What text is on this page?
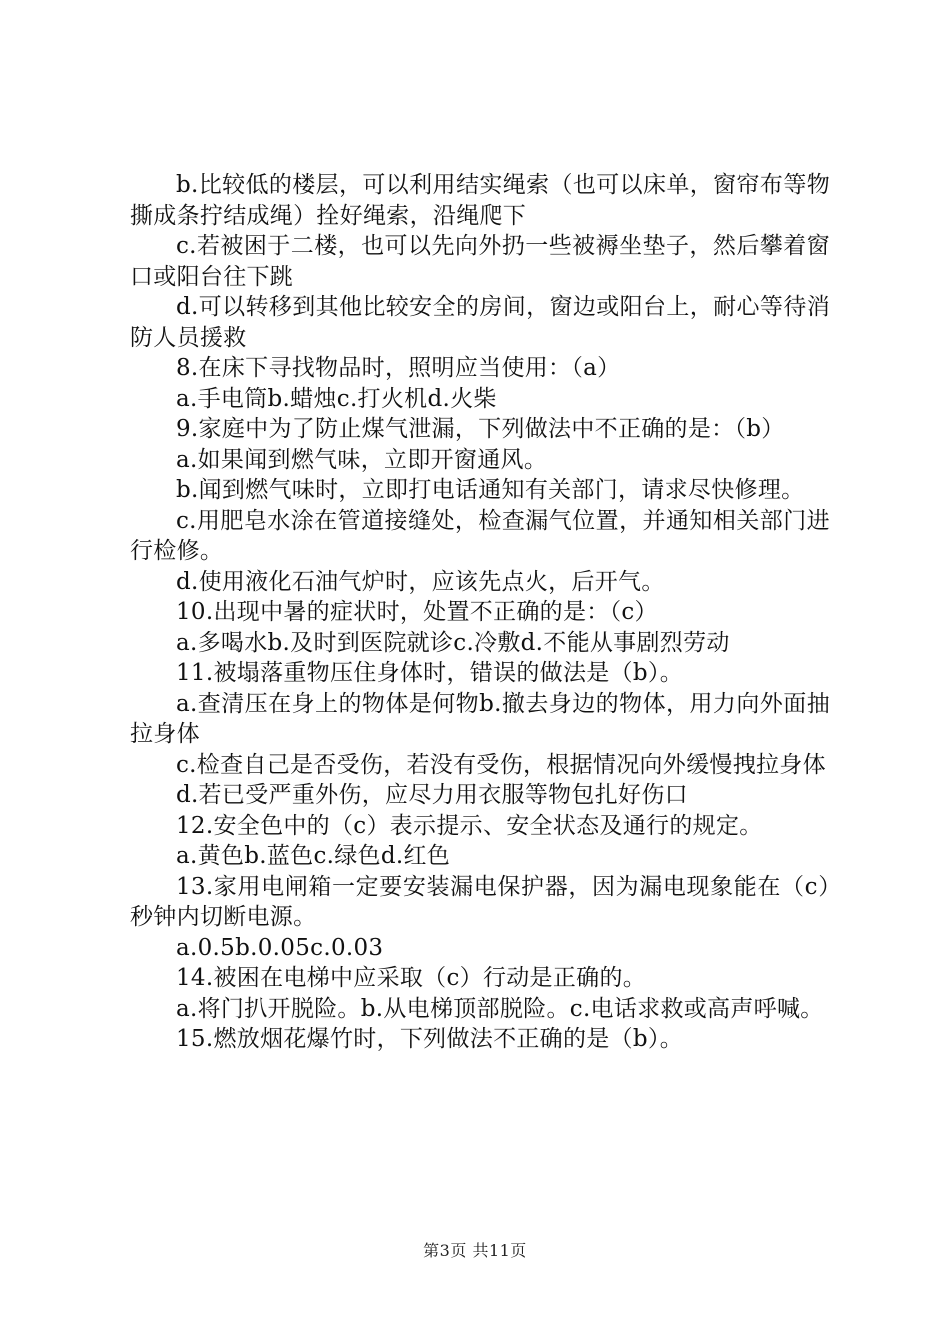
b.比较低的楼层，可以利用结实绳索（也可以床单，窗帘布等物撕成条拧结成绳）拴好绳索，沿绳爬下

c.若被困于二楼，也可以先向外扔一些被褥坐垫子，然后攀着窗口或阳台往下跳

d.可以转移到其他比较安全的房间，窗边或阳台上，耐心等待消防人员援救

8.在床下寻找物品时，照明应当使用：（a）

a.手电筒b.蜡烛c.打火机d.火柴

9.家庭中为了防止煤气泄漏，下列做法中不正确的是：（b）

a.如果闻到燃气味，立即开窗通风。

b.闻到燃气味时，立即打电话通知有关部门，请求尽快修理。

c.用肥皂水涂在管道接缝处，检查漏气位置，并通知相关部门进行检修。

d.使用液化石油气炉时，应该先点火，后开气。

10.出现中暑的症状时，处置不正确的是：（c）

a.多喝水b.及时到医院就诊c.冷敷d.不能从事剧烈劳动

11.被塌落重物压住身体时，错误的做法是（b）。

a.查清压在身上的物体是何物b.撤去身边的物体，用力向外面抽拉身体

c.检查自己是否受伤，若没有受伤，根据情况向外缓慢拽拉身体

d.若已受严重外伤，应尽力用衣服等物包扎好伤口

12.安全色中的（c）表示提示、安全状态及通行的规定。

a.黄色b.蓝色c.绿色d.红色

13.家用电闸箱一定要安装漏电保护器，因为漏电现象能在（c）秒钟内切断电源。

a.0.5b.0.05c.0.03

14.被困在电梯中应采取（c）行动是正确的。

a.将门扒开脱险。b.从电梯顶部脱险。c.电话求救或高声呼喊。

15.燃放烟花爆竹时，下列做法不正确的是（b）。

第3页 共11页
